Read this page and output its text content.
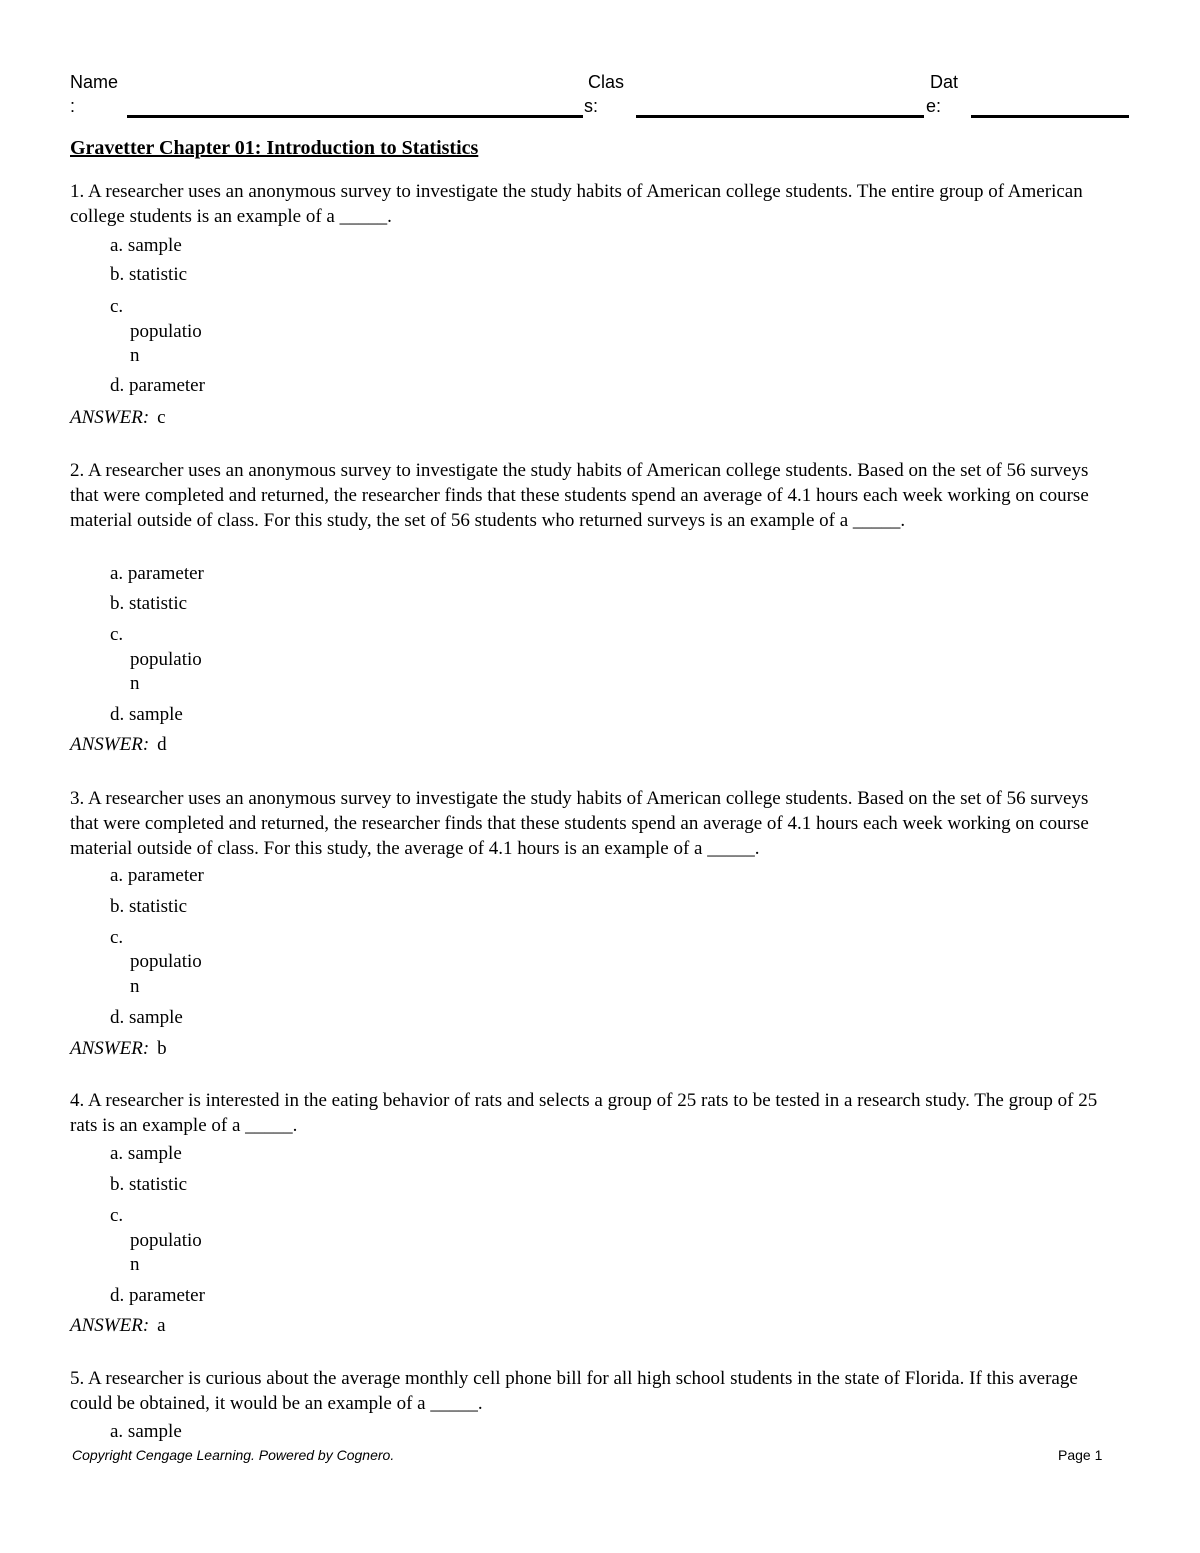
Name
:
Clas
s:
Dat
e:
Gravetter Chapter 01: Introduction to Statistics
1. A researcher uses an anonymous survey to investigate the study habits of American college students. The entire group of American college students is an example of a _____.
a. sample
b. statistic
c.
populatio
n
d. parameter
ANSWER: c
2. A researcher uses an anonymous survey to investigate the study habits of American college students. Based on the set of 56 surveys that were completed and returned, the researcher finds that these students spend an average of 4.1 hours each week working on course material outside of class. For this study, the set of 56 students who returned surveys is an example of a _____.
a. parameter
b. statistic
c.
populatio
n
d. sample
ANSWER: d
3. A researcher uses an anonymous survey to investigate the study habits of American college students. Based on the set of 56 surveys that were completed and returned, the researcher finds that these students spend an average of 4.1 hours each week working on course material outside of class. For this study, the average of 4.1 hours is an example of a _____.
a. parameter
b. statistic
c.
populatio
n
d. sample
ANSWER: b
4. A researcher is interested in the eating behavior of rats and selects a group of 25 rats to be tested in a research study. The group of 25 rats is an example of a _____.
a. sample
b. statistic
c.
populatio
n
d. parameter
ANSWER: a
5. A researcher is curious about the average monthly cell phone bill for all high school students in the state of Florida. If this average could be obtained, it would be an example of a _____.
a. sample
Copyright Cengage Learning. Powered by Cognero.	Page 1
